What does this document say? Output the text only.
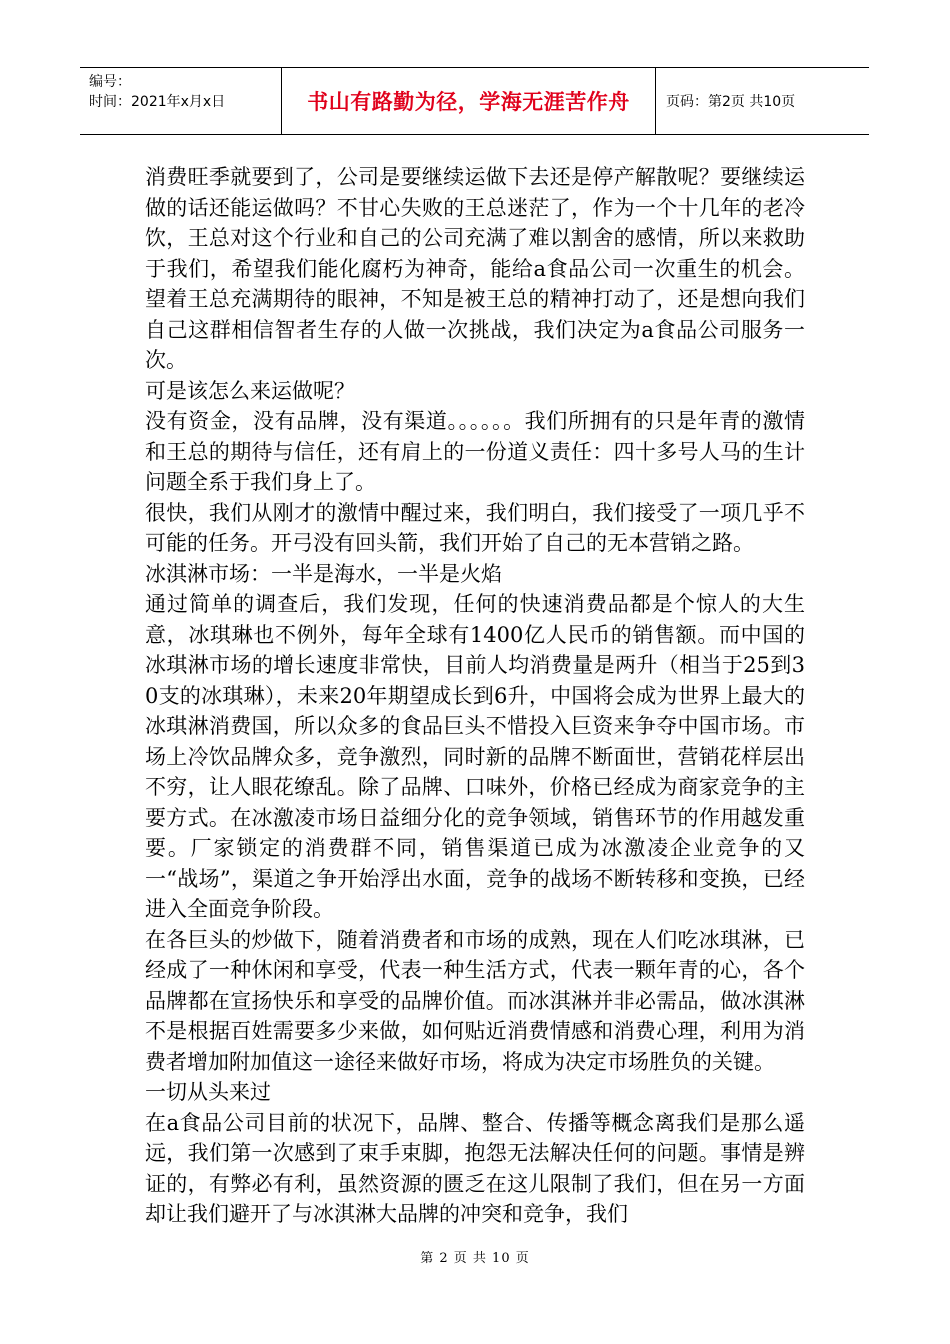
编号：
时间：2021年x月x日	书山有路勤为径，学海无涯苦作舟	页码：第2页 共10页

消费旺季就要到了，公司是要继续运做下去还是停产解散呢？要继续运做的话还能运做吗？不甘心失败的王总迷茫了，作为一个十几年的老冷饮，王总对这个行业和自己的公司充满了难以割舍的感情，所以来救助于我们，希望我们能化腐朽为神奇，能给a食品公司一次重生的机会。望着王总充满期待的眼神，不知是被王总的精神打动了，还是想向我们自己这群相信智者生存的人做一次挑战，我们决定为a食品公司服务一次。

可是该怎么来运做呢？

没有资金，没有品牌，没有渠道。。。。。。我们所拥有的只是年青的激情和王总的期待与信任，还有肩上的一份道义责任：四十多号人马的生计问题全系于我们身上了。

很快，我们从刚才的激情中醒过来，我们明白，我们接受了一项几乎不可能的任务。开弓没有回头箭，我们开始了自己的无本营销之路。

冰淇淋市场：一半是海水，一半是火焰

通过简单的调查后，我们发现，任何的快速消费品都是个惊人的大生意，冰琪琳也不例外，每年全球有1400亿人民币的销售额。而中国的冰琪淋市场的增长速度非常快，目前人均消费量是两升（相当于25到30支的冰琪琳），未来20年期望成长到6升，中国将会成为世界上最大的冰琪淋消费国，所以众多的食品巨头不惜投入巨资来争夺中国市场。市场上冷饮品牌众多，竞争激烈，同时新的品牌不断面世，营销花样层出不穷，让人眼花缭乱。除了品牌、口味外，价格已经成为商家竞争的主要方式。在冰激凌市场日益细分化的竞争领域，销售环节的作用越发重要。厂家锁定的消费群不同，销售渠道已成为冰激凌企业竞争的又一“战场”，渠道之争开始浮出水面，竞争的战场不断转移和变换，已经进入全面竞争阶段。

在各巨头的炒做下，随着消费者和市场的成熟，现在人们吃冰琪淋，已经成了一种休闲和享受，代表一种生活方式，代表一颗年青的心，各个品牌都在宣扬快乐和享受的品牌价值。而冰淇淋并非必需品，做冰淇淋不是根据百姓需要多少来做，如何贴近消费情感和消费心理，利用为消费者增加附加值这一途径来做好市场，将成为决定市场胜负的关键。

一切从头来过

在a食品公司目前的状况下，品牌、整合、传播等概念离我们是那么遥远，我们第一次感到了束手束脚，抱怨无法解决任何的问题。事情是辨证的，有弊必有利，虽然资源的匮乏在这儿限制了我们，但在另一方面却让我们避开了与冰淇淋大品牌的冲突和竞争，我们

第 2 页 共 10 页
